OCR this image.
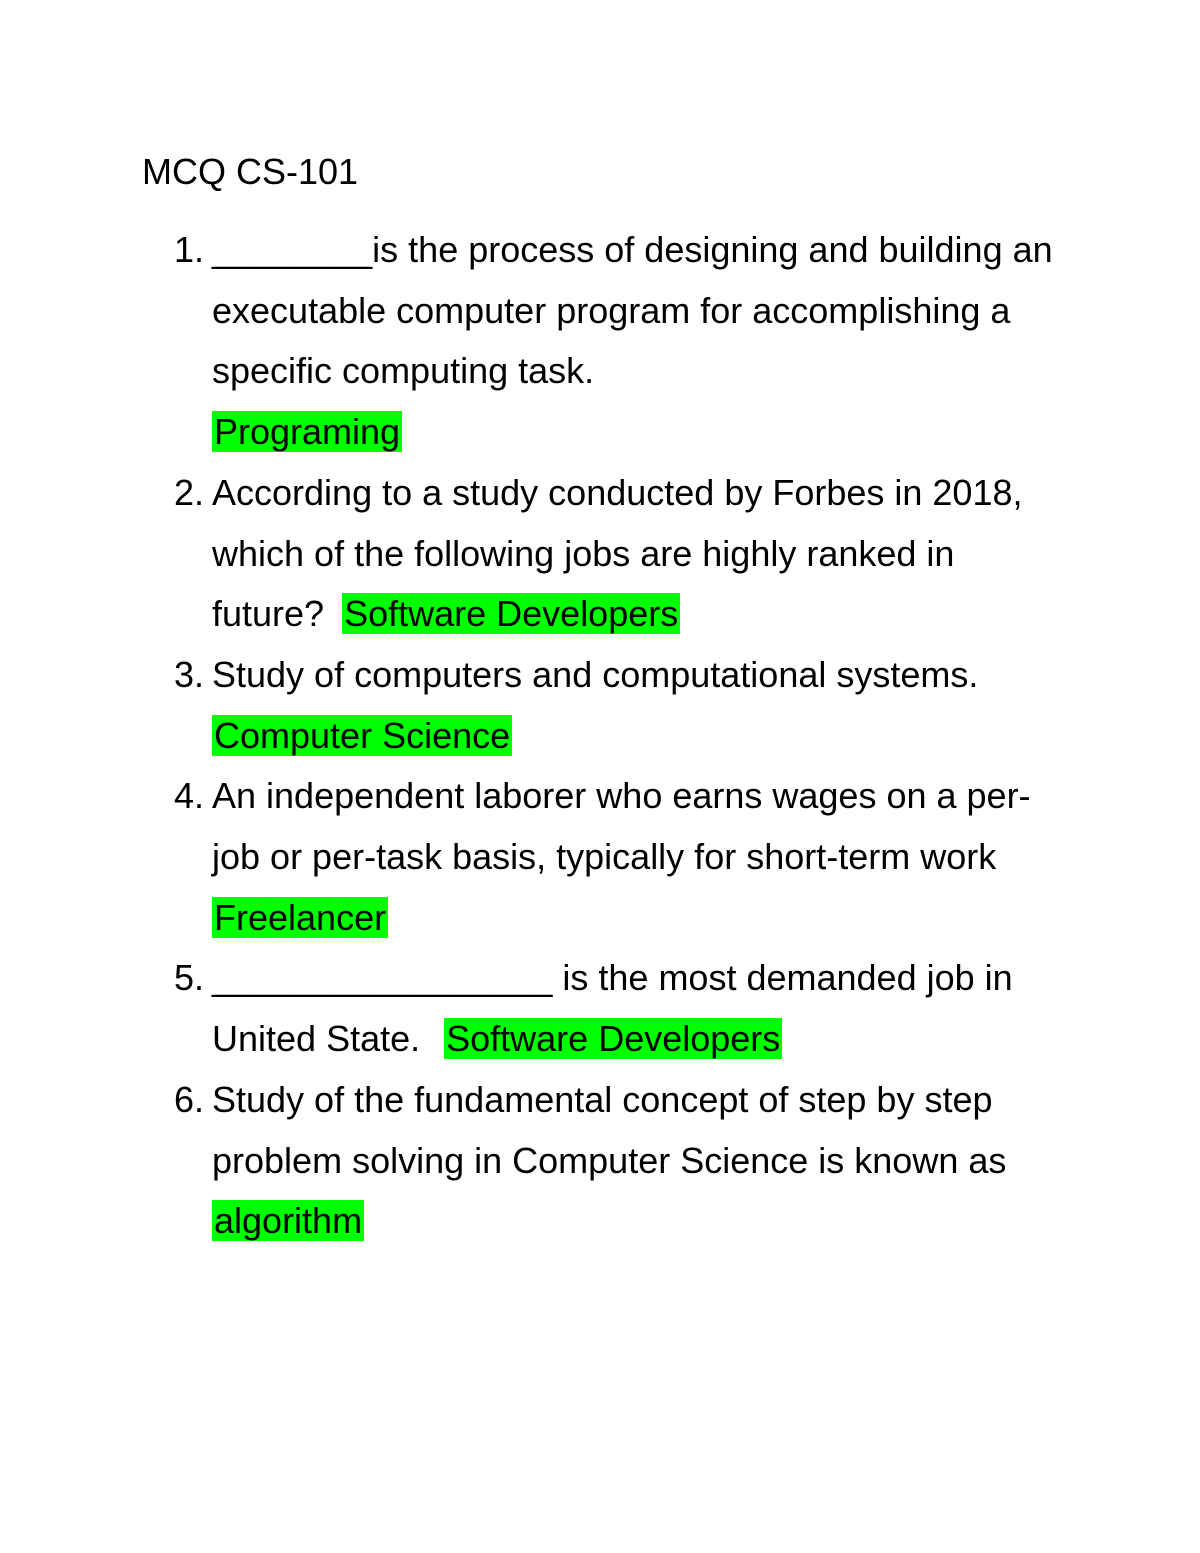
MCQ CS-101
1. ________is the process of designing and building an executable computer program for accomplishing a specific computing task.
Programing
2. According to a study conducted by Forbes in 2018, which of the following jobs are highly ranked in future? Software Developers
3. Study of computers and computational systems.Computer Science
4. An independent laborer who earns wages on a per-job or per-task basis, typically for short-term workFreelancer
5. _________________ is the most demanded job in United State. Software Developers
6. Study of the fundamental concept of step by step problem solving in Computer Science is known asalgorithm
